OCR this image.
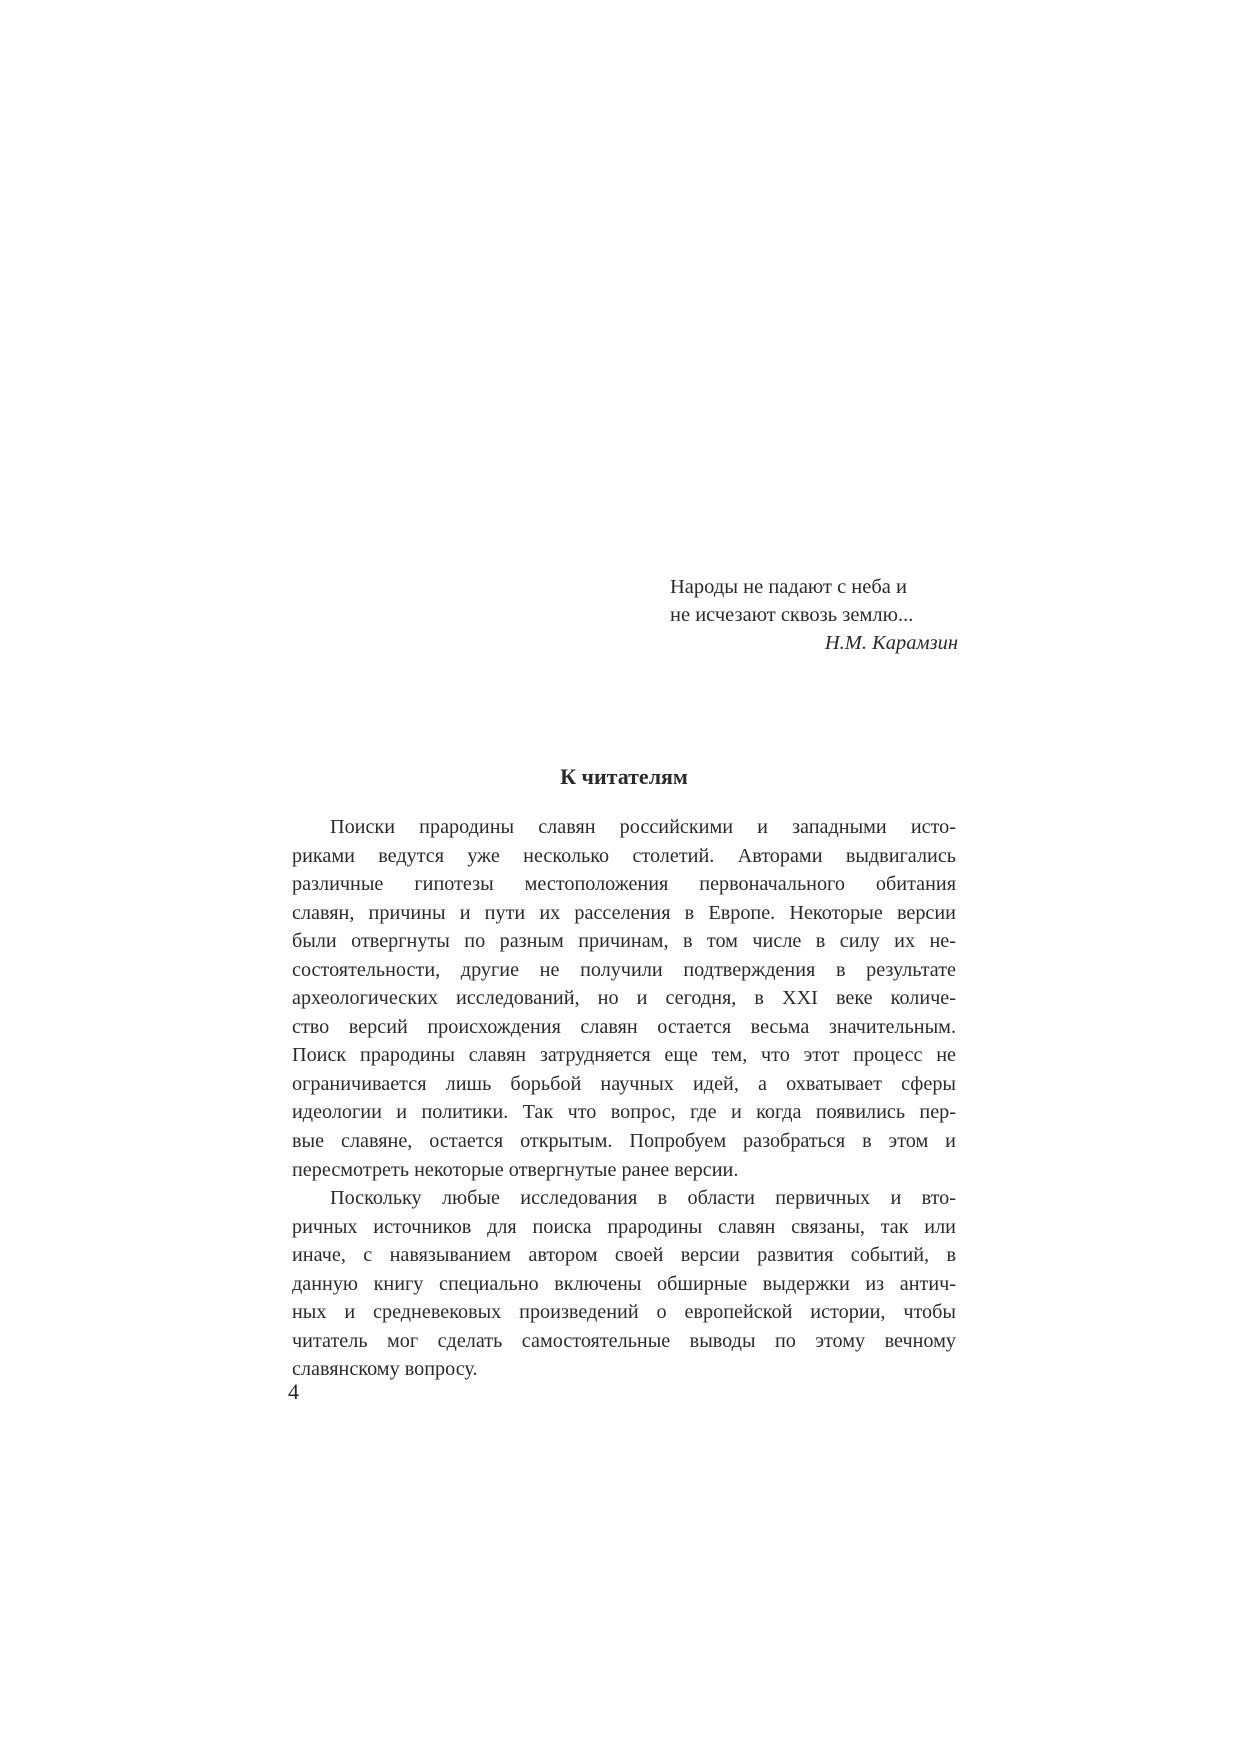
Народы не падают с неба и
не исчезают сквозь землю...
Н.М. Карамзин
К читателям
Поиски прародины славян российскими и западными исто-
риками ведутся уже несколько столетий. Авторами выдвигались
различные гипотезы местоположения первоначального обитания
славян, причины и пути их расселения в Европе. Некоторые версии
были отвергнуты по разным причинам, в том числе в силу их не-
состоятельности, другие не получили подтверждения в результате
археологических исследований, но и сегодня, в XXI веке количе-
ство версий происхождения славян остается весьма значительным.
Поиск прародины славян затрудняется еще тем, что этот процесс не
ограничивается лишь борьбой научных идей, а охватывает сферы
идеологии и политики. Так что вопрос, где и когда появились пер-
вые славяне, остается открытым. Попробуем разобраться в этом и
пересмотреть некоторые отвергнутые ранее версии.
Поскольку любые исследования в области первичных и вто-
ричных источников для поиска прародины славян связаны, так или
иначе, с навязыванием автором своей версии развития событий, в
данную книгу специально включены обширные выдержки из антич-
ных и средневековых произведений о европейской истории, чтобы
читатель мог сделать самостоятельные выводы по этому вечному
славянскому вопросу.
4
